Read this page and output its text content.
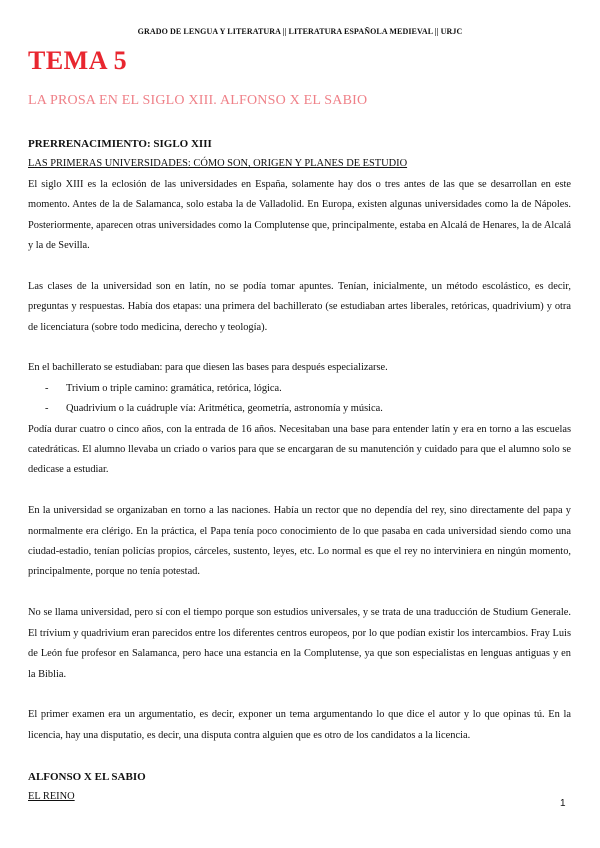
GRADO DE LENGUA Y LITERATURA || LITERATURA ESPAÑOLA MEDIEVAL || URJC
TEMA 5
LA PROSA EN EL SIGLO XIII. ALFONSO X EL SABIO
PRERRENACIMIENTO: SIGLO XIII
LAS PRIMERAS UNIVERSIDADES: CÓMO SON, ORIGEN Y PLANES DE ESTUDIO

El siglo XIII es la eclosión de las universidades en España, solamente hay dos o tres antes de las que se desarrollan en este momento. Antes de la de Salamanca, solo estaba la de Valladolid. En Europa, existen algunas universidades como la de Nápoles. Posteriormente, aparecen otras universidades como la Complutense que, principalmente, estaba en Alcalá de Henares, la de Alcalá y la de Sevilla.

Las clases de la universidad son en latín, no se podía tomar apuntes. Tenían, inicialmente, un método escolástico, es decir, preguntas y respuestas. Había dos etapas: una primera del bachillerato (se estudiaban artes liberales, retóricas, quadrivium) y otra de licenciatura (sobre todo medicina, derecho y teología).

En el bachillerato se estudiaban: para que diesen las bases para después especializarse.

- Trivium o triple camino: gramática, retórica, lógica.
- Quadrivium o la cuádruple vía: Aritmética, geometría, astronomía y música.

Podía durar cuatro o cinco años, con la entrada de 16 años. Necesitaban una base para entender latín y era en torno a las escuelas catedráticas. El alumno llevaba un criado o varios para que se encargaran de su manutención y cuidado para que el alumno solo se dedicase a estudiar.

En la universidad se organizaban en torno a las naciones. Había un rector que no dependía del rey, sino directamente del papa y normalmente era clérigo. En la práctica, el Papa tenía poco conocimiento de lo que pasaba en cada universidad siendo como una ciudad-estadio, tenían policías propios, cárceles, sustento, leyes, etc. Lo normal es que el rey no interviniera en ningún momento, principalmente, porque no tenía potestad.

No se llama universidad, pero sí con el tiempo porque son estudios universales, y se trata de una traducción de Studium Generale. El trívium y quadrivium eran parecidos entre los diferentes centros europeos, por lo que podían existir los intercambios. Fray Luis de León fue profesor en Salamanca, pero hace una estancia en la Complutense, ya que son especialistas en lenguas antiguas y en la Biblia.

El primer examen era un argumentatio, es decir, exponer un tema argumentando lo que dice el autor y lo que opinas tú. En la licencia, hay una disputatio, es decir, una disputa contra alguien que es otro de los candidatos a la licencia.

ALFONSO X EL SABIO
EL REINO
1
